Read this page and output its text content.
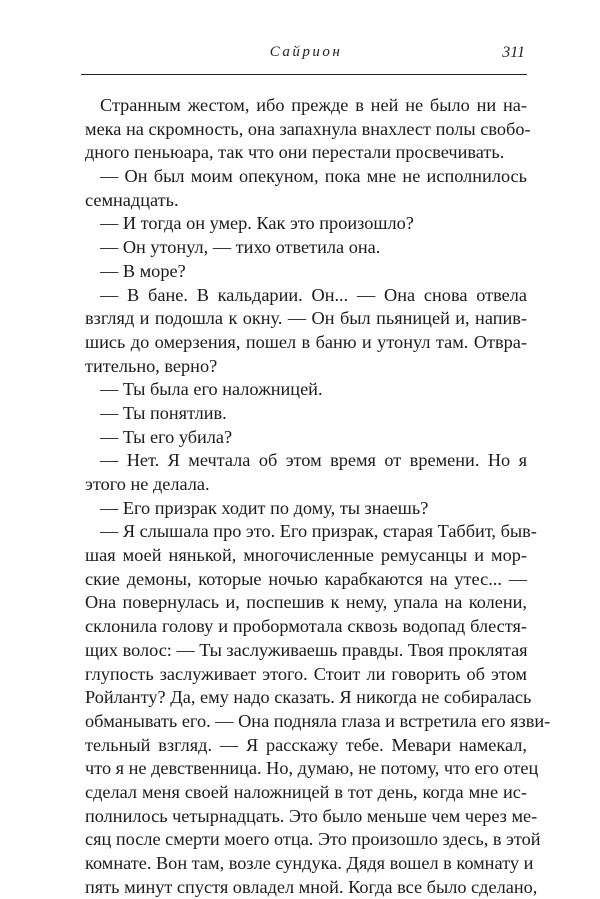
Сайрион	311
Странным жестом, ибо прежде в ней не было ни на-
мека на скромность, она запахнула внахлест полы свобо-
дного пеньюара, так что они перестали просвечивать.
— Он был моим опекуном, пока мне не исполнилось
семнадцать.
— И тогда он умер. Как это произошло?
— Он утонул, — тихо ответила она.
— В море?
— В бане. В кальдарии. Он... — Она снова отвела
взгляд и подошла к окну. — Он был пьяницей и, напив-
шись до омерзения, пошел в баню и утонул там. Отвра-
тительно, верно?
— Ты была его наложницей.
— Ты понятлив.
— Ты его убила?
— Нет. Я мечтала об этом время от времени. Но я
этого не делала.
— Его призрак ходит по дому, ты знаешь?
— Я слышала про это. Его призрак, старая Таббит, быв-
шая моей нянькой, многочисленные ремусанцы и мор-
ские демоны, которые ночью карабкаются на утес... —
Она повернулась и, поспешив к нему, упала на колени,
склонила голову и пробормотала сквозь водопад блестя-
щих волос: — Ты заслуживаешь правды. Твоя проклятая
глупость заслуживает этого. Стоит ли говорить об этом
Ройланту? Да, ему надо сказать. Я никогда не собиралась
обманывать его. — Она подняла глаза и встретила его язви-
тельный взгляд. — Я расскажу тебе. Мевари намекал,
что я не девственница. Но, думаю, не потому, что его отец
сделал меня своей наложницей в тот день, когда мне ис-
полнилось четырнадцать. Это было меньше чем через ме-
сяц после смерти моего отца. Это произошло здесь, в этой
комнате. Вон там, возле сундука. Дядя вошел в комнату и
пять минут спустя овладел мной. Когда все было сделано,
